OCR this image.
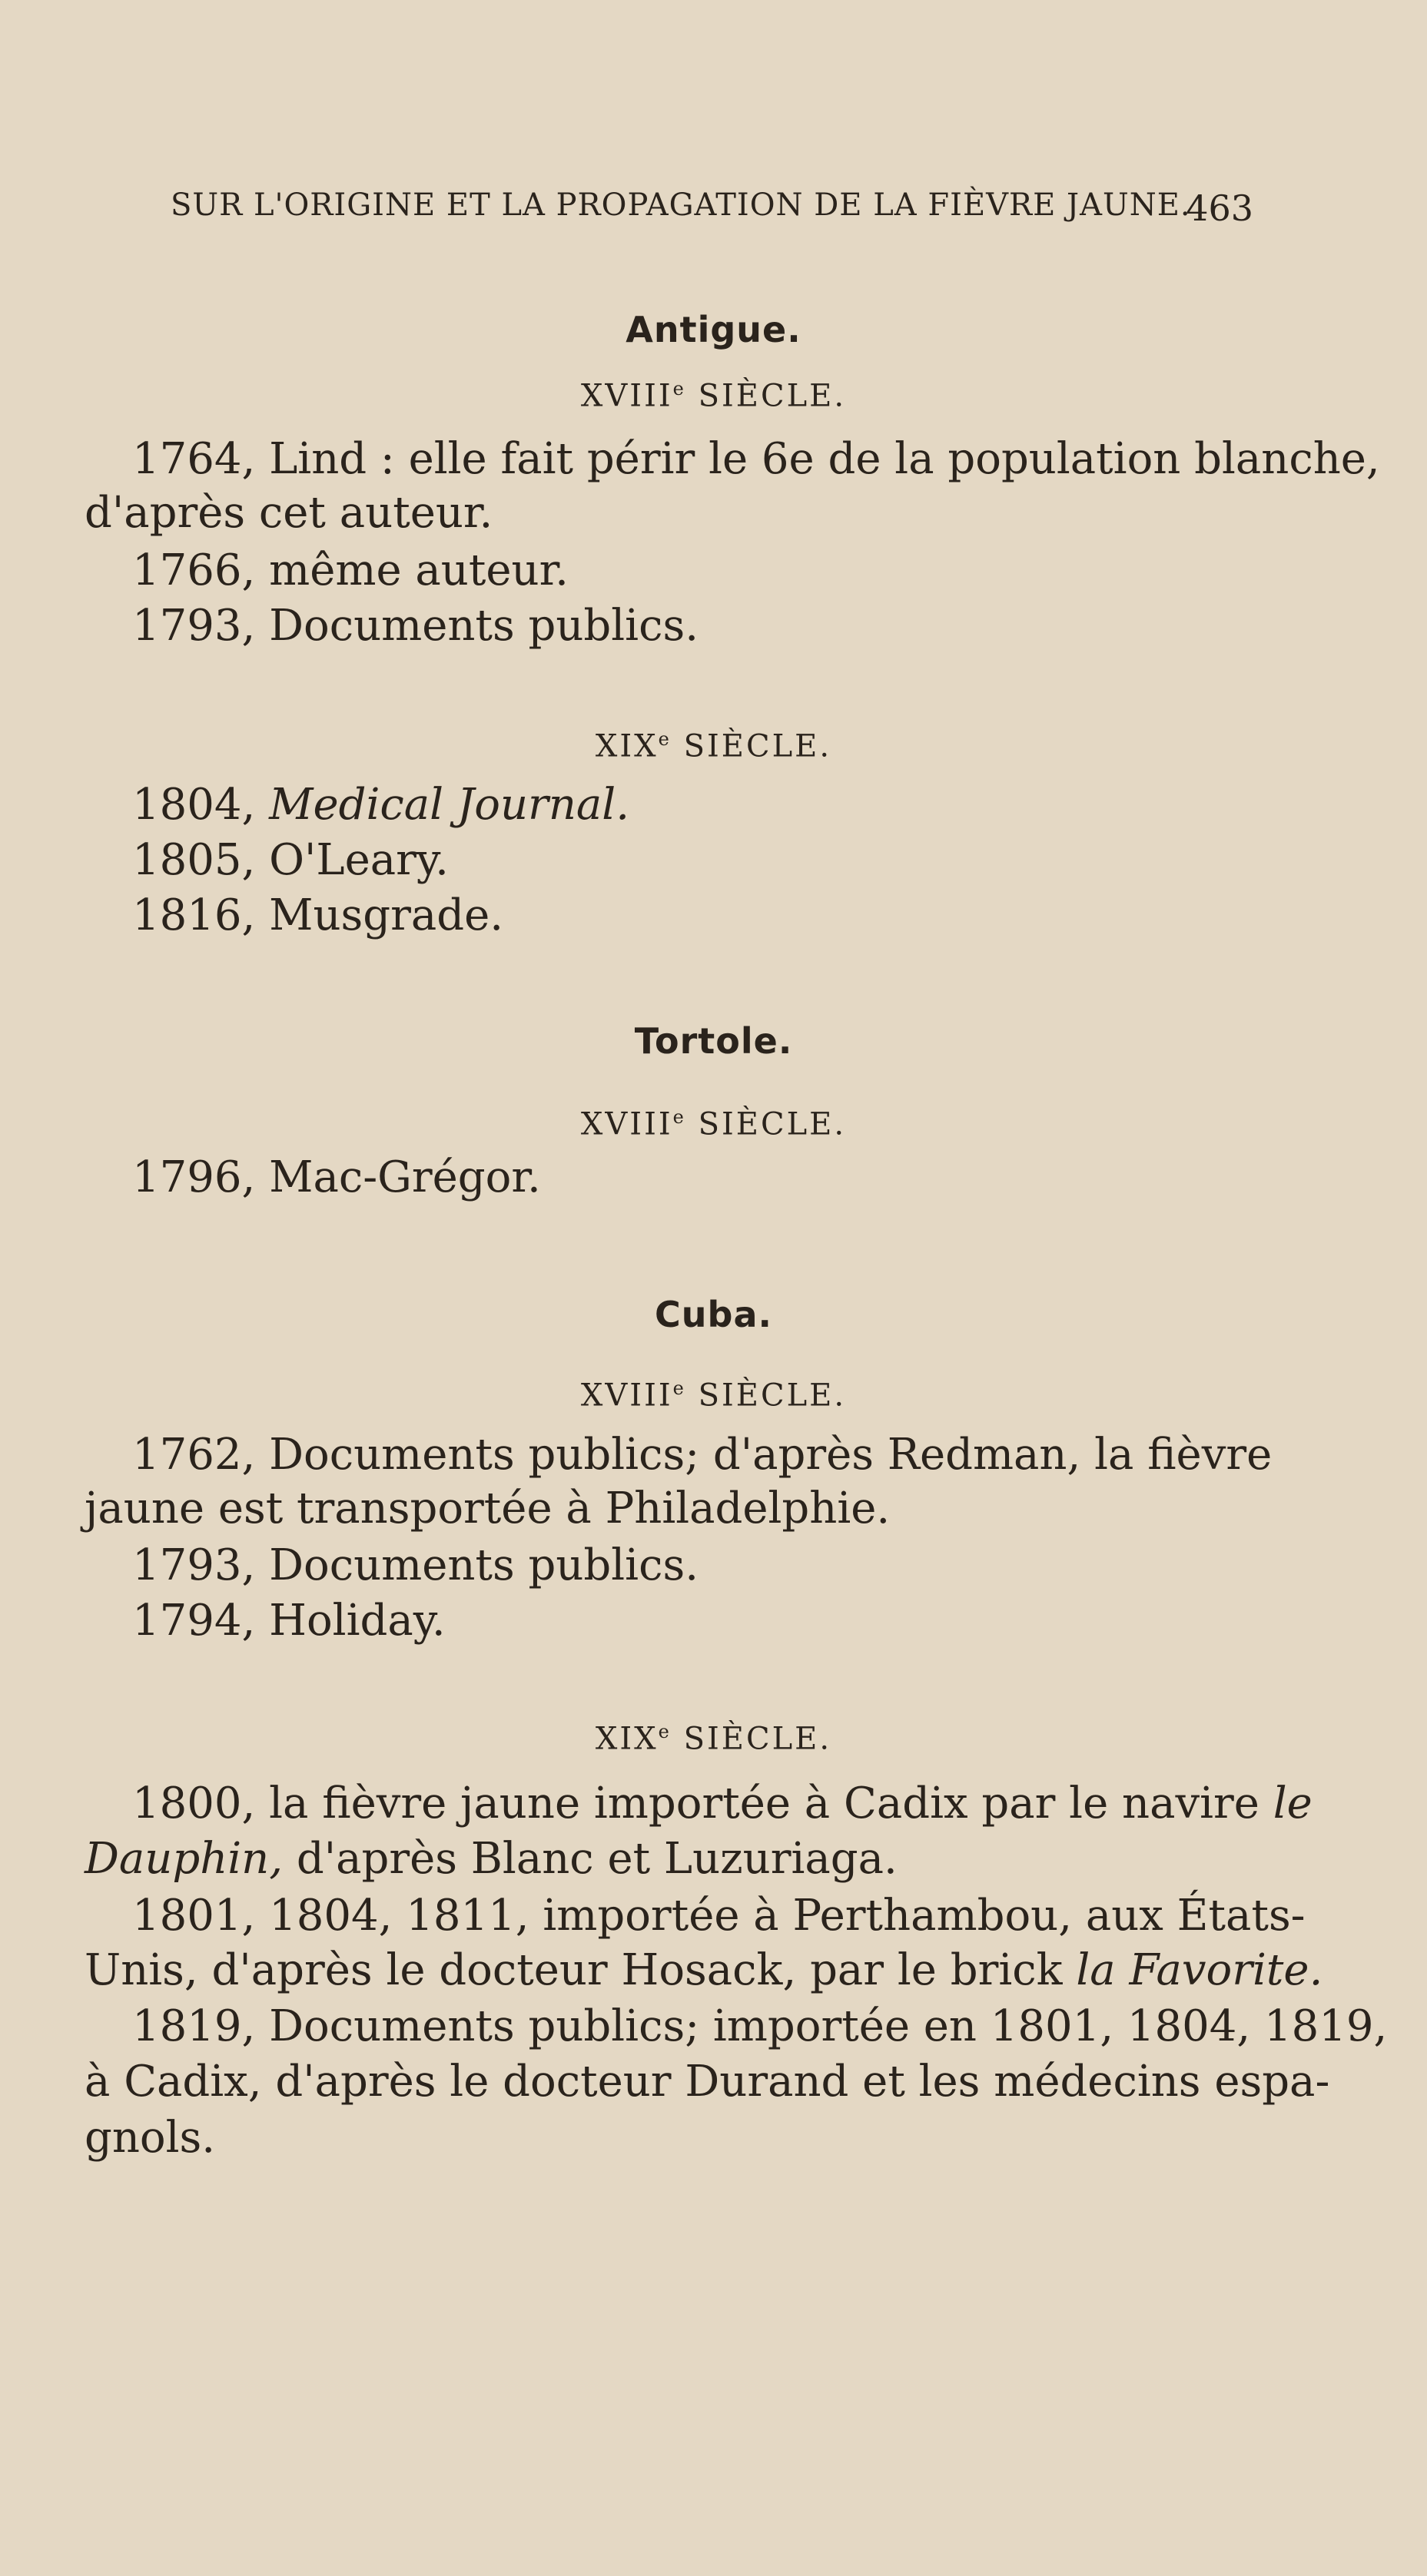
SUR L'ORIGINE ET LA PROPAGATION DE LA FIÈVRE JAUNE.
463
Antigue.
XVIIIe SIÈCLE.
1764, Lind : elle fait périr le 6e de la population blanche,
d'après cet auteur.
1766, même auteur.
1793, Documents publics.
XIXe SIÈCLE.
1804, Medical Journal.
1805, O'Leary.
1816, Musgrade.
Tortole.
XVIIIe SIÈCLE.
1796, Mac-Grégor.
Cuba.
XVIIIe SIÈCLE.
1762, Documents publics; d'après Redman, la fièvre
jaune est transportée à Philadelphie.
1793, Documents publics.
1794, Holiday.
XIXe SIÈCLE.
1800, la fièvre jaune importée à Cadix par le navire le
Dauphin, d'après Blanc et Luzuriaga.
1801, 1804, 1811, importée à Perthambou, aux États-
Unis, d'après le docteur Hosack, par le brick la Favorite.
1819, Documents publics; importée en 1801, 1804, 1819,
à Cadix, d'après le docteur Durand et les médecins espa-
gnols.
